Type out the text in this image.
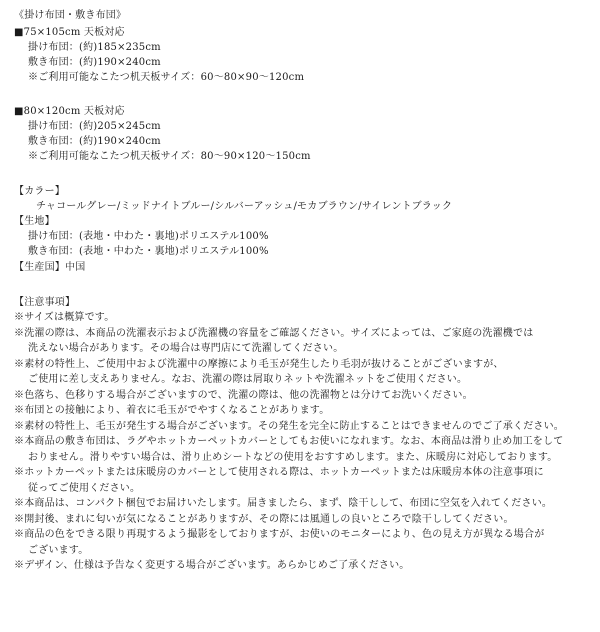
《掛け布団・敷き布団》
■75×105cm 天板対応
掛け布団：(約)185×235cm
敷き布団：(約)190×240cm
※ご利用可能なこたつ机天板サイズ：60〜80×90〜120cm
■80×120cm 天板対応
掛け布団：(約)205×245cm
敷き布団：(約)190×240cm
※ご利用可能なこたつ机天板サイズ：80〜90×120〜150cm
【カラー】
チャコールグレー/ミッドナイトブルー/シルバーアッシュ/モカブラウン/サイレントブラック
【生地】
掛け布団：(表地・中わた・裏地)ポリエステル100%
敷き布団：(表地・中わた・裏地)ポリエステル100%
【生産国】中国
【注意事項】
※サイズは概算です。
※洗濯の際は、本商品の洗濯表示および洗濯機の容量をご確認ください。サイズによっては、ご家庭の洗濯機では
洗えない場合があります。その場合は専門店にて洗濯してください。
※素材の特性上、ご使用中および洗濯中の摩擦により毛玉が発生したり毛羽が抜けることがございますが、
ご使用に差し支えありません。なお、洗濯の際は屑取りネットや洗濯ネットをご使用ください。
※色落ち、色移りする場合がございますので、洗濯の際は、他の洗濯物とは分けてお洗いください。
※布団との接触により、着衣に毛玉がでやすくなることがあります。
※素材の特性上、毛玉が発生する場合がございます。その発生を完全に防止することはできませんのでご了承ください。
※本商品の敷き布団は、ラグやホットカーペットカバーとしてもお使いになれます。なお、本商品は滑り止め加工をして
おりません。滑りやすい場合は、滑り止めシートなどの使用をおすすめします。また、床暖房に対応しております。
※ホットカーペットまたは床暖房のカバーとして使用される際は、ホットカーペットまたは床暖房本体の注意事項に
従ってご使用ください。
※本商品は、コンパクト梱包でお届けいたします。届きましたら、まず、陰干しして、布団に空気を入れてください。
※開封後、まれに匂いが気になることがありますが、その際には風通しの良いところで陰干ししてください。
※商品の色をできる限り再現するよう撮影をしておりますが、お使いのモニターにより、色の見え方が異なる場合が
ございます。
※デザイン、仕様は予告なく変更する場合がございます。あらかじめご了承ください。
